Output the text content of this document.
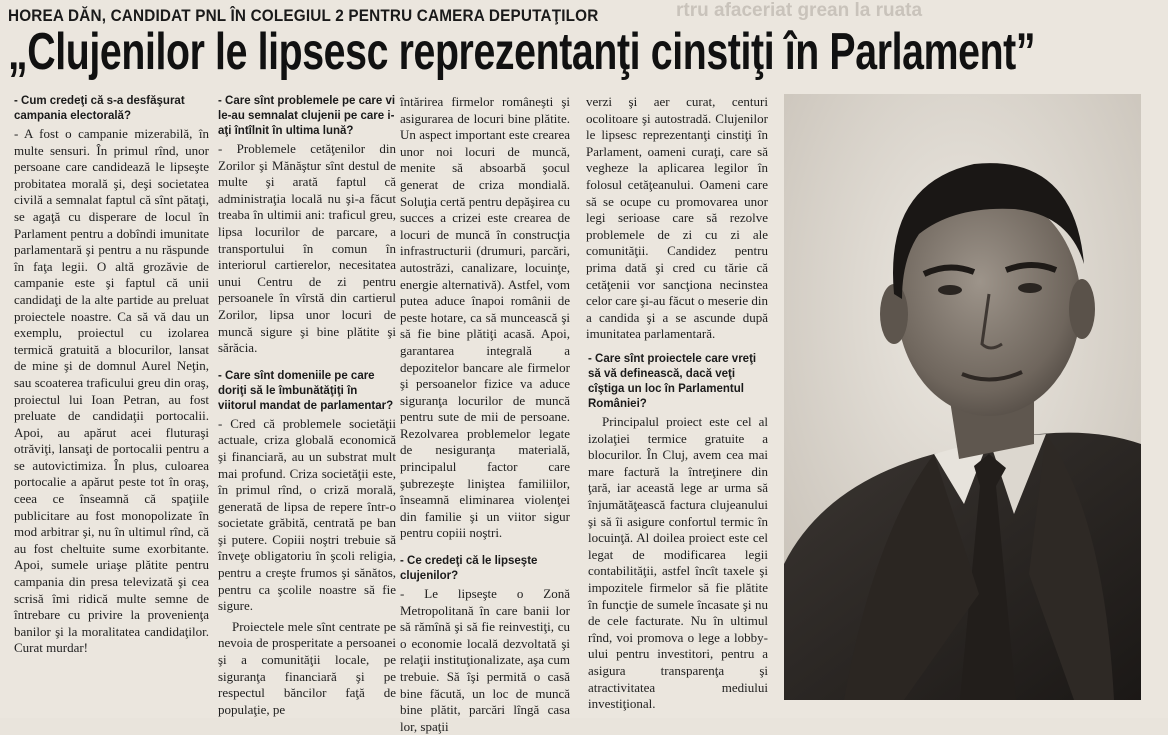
rtru afaceriat grean la ruata
HOREA DĂN, CANDIDAT PNL ÎN COLEGIUL 2 PENTRU CAMERA DEPUTAŢILOR
„Clujenilor le lipsesc reprezentanţi cinstiţi în Parlament”

- Cum credeţi că s-a desfăşurat campania electorală?

- A fost o campanie mizerabilă, în multe sensuri. În primul rînd, unor persoane care candidează le lipseşte probitatea morală şi, deşi societatea civilă a semnalat faptul că sînt pătaţi, se agaţă cu disperare de locul în Parlament pentru a dobîndi imunitate parlamentară şi pentru a nu răspunde în faţa legii. O altă grozăvie de campanie este şi faptul că unii candidaţi de la alte partide au preluat proiectele noastre. Ca să vă dau un exemplu, proiectul cu izolarea termică gratuită a blocurilor, lansat de mine şi de domnul Aurel Neţin, sau scoaterea traficului greu din oraş, proiectul lui Ioan Petran, au fost preluate de candidaţii portocalii. Apoi, au apărut acei fluturaşi otrăviţi, lansaţi de portocalii pentru a se autovictimiza. În plus, culoarea portocalie a apărut peste tot în oraş, ceea ce înseamnă că spaţiile publicitare au fost monopolizate în mod arbitrar şi, nu în ultimul rînd, că au fost cheltuite sume exorbitante. Apoi, sumele uriaşe plătite pentru campania din presa televizată şi cea scrisă îmi ridică multe semne de întrebare cu privire la provenienţa banilor şi la moralitatea candidaţilor. Curat murdar!

- Care sînt problemele pe care vi le-au semnalat clujenii pe care i-aţi întîlnit în ultima lună?

- Problemele cetăţenilor din Zorilor şi Mănăştur sînt destul de multe şi arată faptul că administraţia locală nu şi-a făcut treaba în ultimii ani: traficul greu, lipsa locurilor de parcare, a transportului în comun în interiorul cartierelor, necesitatea unui Centru de zi pentru persoanele în vîrstă din cartierul Zorilor, lipsa unor locuri de muncă sigure şi bine plătite şi sărăcia.

- Care sînt domeniile pe care doriţi să le îmbunătăţiţi în viitorul mandat de parlamentar?

- Cred că problemele societăţii actuale, criza globală economică şi financiară, au un substrat mult mai profund. Criza societăţii este, în primul rînd, o criză morală, generată de lipsa de repere într-o societate grăbită, centrată pe ban şi putere. Copiii noştri trebuie să înveţe obligatoriu în şcoli religia, pentru a creşte frumos şi sănătos, pentru ca şcolile noastre să fie sigure.

Proiectele mele sînt centrate pe nevoia de prosperitate a persoanei şi a comunităţii locale, pe siguranţa financiară şi pe respectul băncilor faţă de populaţie, pe

întărirea firmelor româneşti şi asigurarea de locuri bine plătite. Un aspect important este crearea unor noi locuri de muncă, menite să absoarbă şocul generat de criza mondială. Soluţia certă pentru depăşirea cu succes a crizei este crearea de locuri de muncă în construcţia infrastructurii (drumuri, parcări, autostrăzi, canalizare, locuinţe, energie alternativă). Astfel, vom putea aduce înapoi românii de peste hotare, ca să muncească şi să fie bine plătiţi acasă. Apoi, garantarea integrală a depozitelor bancare ale firmelor şi persoanelor fizice va aduce siguranţa locurilor de muncă pentru sute de mii de persoane. Rezolvarea problemelor legate de nesiguranţa materială, principalul factor care şubrezeşte liniştea familiilor, înseamnă eliminarea violenţei din familie şi un viitor sigur pentru copiii noştri.

- Ce credeţi că le lipseşte clujenilor?

- Le lipseşte o Zonă Metropolitană în care banii lor să rămînă şi să fie reinvestiţi, cu o economie locală dezvoltată şi relaţii instituţionalizate, aşa cum trebuie. Să îşi permită o casă bine făcută, un loc de muncă bine plătit, parcări lîngă casa lor, spaţii

verzi şi aer curat, centuri ocolitoare şi autostradă. Clujenilor le lipsesc reprezentanţi cinstiţi în Parlament, oameni curaţi, care să vegheze la aplicarea legilor în folosul cetăţeanului. Oameni care să se ocupe cu promovarea unor legi serioase care să rezolve problemele de zi cu zi ale comunităţii. Candidez pentru prima dată şi cred cu tărie că cetăţenii vor sancţiona necinstea celor care şi-au făcut o meserie din a candida şi a se ascunde după imunitatea parlamentară.

- Care sînt proiectele care vreţi să vă definească, dacă veţi cîştiga un loc în Parlamentul României?

Principalul proiect este cel al izolaţiei termice gratuite a blocurilor. În Cluj, avem cea mai mare factură la întreţinere din ţară, iar această lege ar urma să înjumătăţească factura clujeanului şi să îi asigure confortul termic în locuinţă. Al doilea proiect este cel legat de modificarea legii contabilităţii, astfel încît taxele şi impozitele firmelor să fie plătite în funcţie de sumele încasate şi nu de cele facturate. Nu în ultimul rînd, voi promova o lege a lobby-ului pentru investitori, pentru a asigura transparenţa şi atractivitatea mediului investiţional.
